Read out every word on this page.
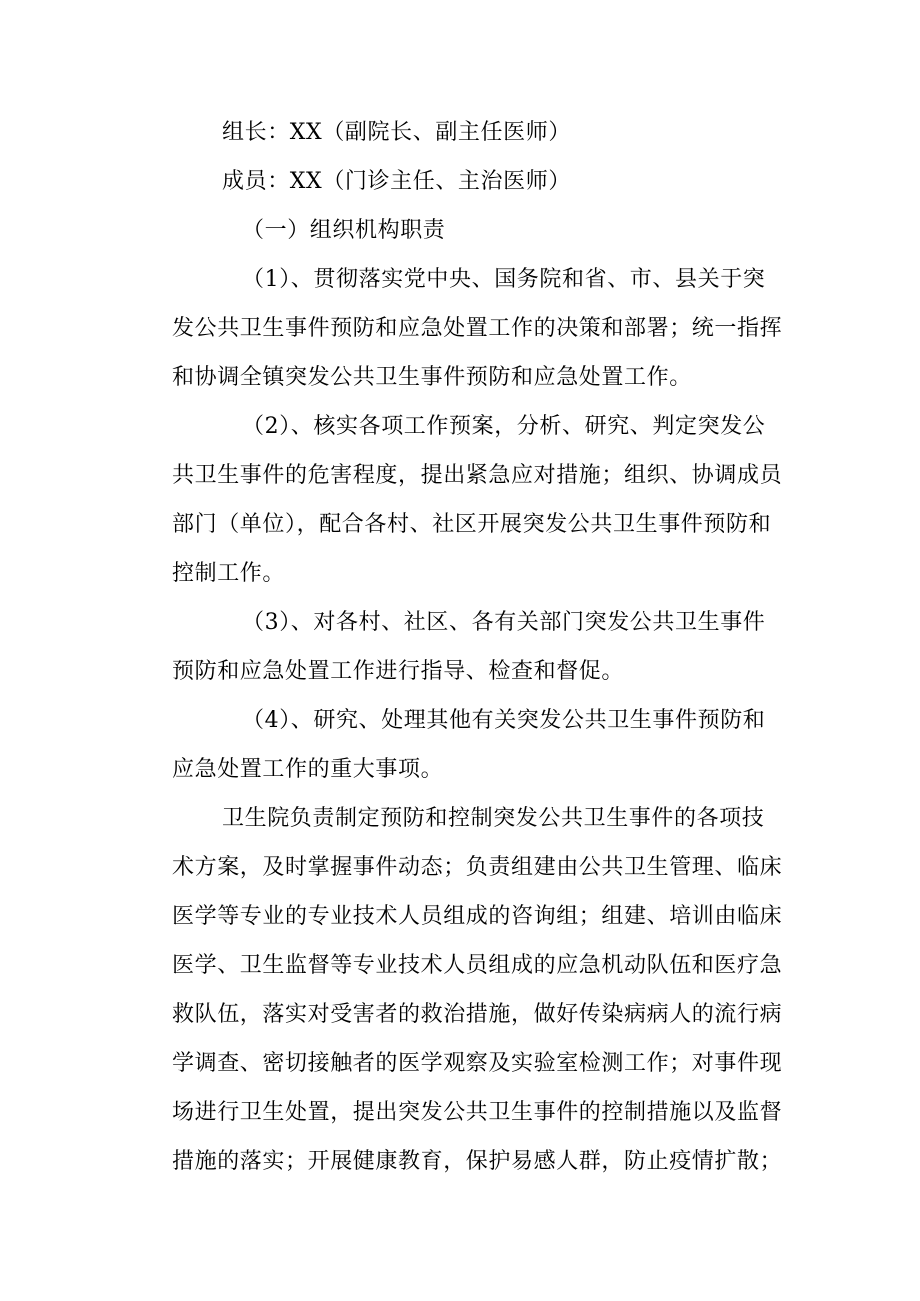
组长：XX（副院长、副主任医师）
成员：XX（门诊主任、主治医师）
（一）组织机构职责
（1）、贯彻落实党中央、国务院和省、市、县关于突
发公共卫生事件预防和应急处置工作的决策和部署；统一指挥
和协调全镇突发公共卫生事件预防和应急处置工作。
（2）、核实各项工作预案，分析、研究、判定突发公
共卫生事件的危害程度，提出紧急应对措施；组织、协调成员
部门（单位），配合各村、社区开展突发公共卫生事件预防和
控制工作。
（3）、对各村、社区、各有关部门突发公共卫生事件
预防和应急处置工作进行指导、检查和督促。
（4）、研究、处理其他有关突发公共卫生事件预防和
应急处置工作的重大事项。
卫生院负责制定预防和控制突发公共卫生事件的各项技
术方案，及时掌握事件动态；负责组建由公共卫生管理、临床
医学等专业的专业技术人员组成的咨询组；组建、培训由临床
医学、卫生监督等专业技术人员组成的应急机动队伍和医疗急
救队伍，落实对受害者的救治措施，做好传染病病人的流行病
学调查、密切接触者的医学观察及实验室检测工作；对事件现
场进行卫生处置，提出突发公共卫生事件的控制措施以及监督
措施的落实；开展健康教育，保护易感人群，防止疫情扩散；
